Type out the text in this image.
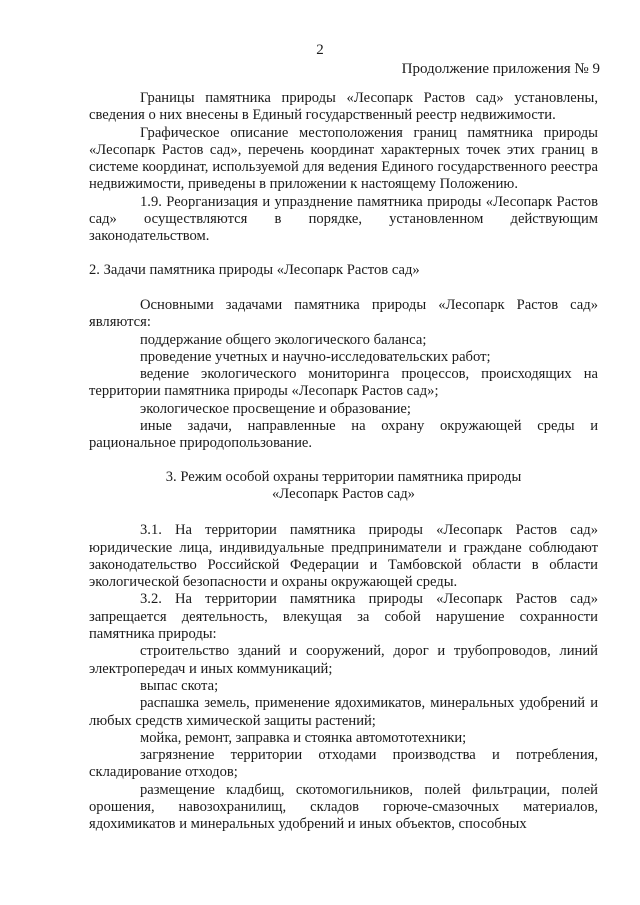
2
Продолжение приложения № 9

Границы памятника природы «Лесопарк Растов сад» установлены, сведения о них внесены в Единый государственный реестр недвижимости.

Графическое описание местоположения границ памятника природы «Лесопарк Растов сад», перечень координат характерных точек этих границ в системе координат, используемой для ведения Единого государственного реестра недвижимости, приведены в приложении к настоящему Положению.

1.9. Реорганизация и упразднение памятника природы «Лесопарк Растов сад» осуществляются в порядке, установленном действующим законодательством.

2. Задачи памятника природы «Лесопарк Растов сад»

Основными задачами памятника природы «Лесопарк Растов сад» являются:

поддержание общего экологического баланса;

проведение учетных и научно-исследовательских работ;

ведение экологического мониторинга процессов, происходящих на территории памятника природы «Лесопарк Растов сад»;

экологическое просвещение и образование;

иные задачи, направленные на охрану окружающей среды и рациональное природопользование.

3. Режим особой охраны территории памятника природы
«Лесопарк Растов сад»

3.1. На территории памятника природы «Лесопарк Растов сад» юридические лица, индивидуальные предприниматели и граждане соблюдают законодательство Российской Федерации и Тамбовской области в области экологической безопасности и охраны окружающей среды.

3.2. На территории памятника природы «Лесопарк Растов сад» запрещается деятельность, влекущая за собой нарушение сохранности памятника природы:

строительство зданий и сооружений, дорог и трубопроводов, линий электропередач и иных коммуникаций;

выпас скота;

распашка земель, применение ядохимикатов, минеральных удобрений и любых средств химической защиты растений;

мойка, ремонт, заправка и стоянка автомототехники;

загрязнение территории отходами производства и потребления, складирование отходов;

размещение кладбищ, скотомогильников, полей фильтрации, полей орошения, навозохранилищ, складов горюче-смазочных материалов, ядохимикатов и минеральных удобрений и иных объектов, способных
